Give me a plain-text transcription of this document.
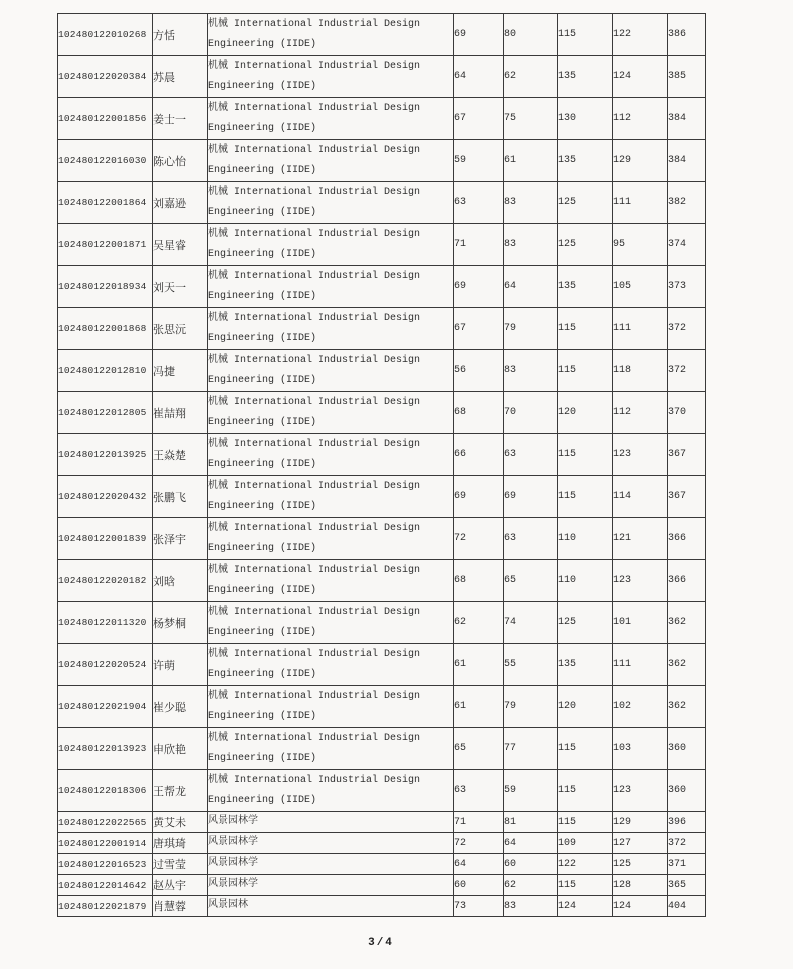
102480122010268	方恬	机械 International Industrial Design Engineering (IIDE)	69	80	115	122	386
102480122020384	苏晨	机械 International Industrial Design Engineering (IIDE)	64	62	135	124	385
102480122001856	姜士一	机械 International Industrial Design Engineering (IIDE)	67	75	130	112	384
102480122016030	陈心怡	机械 International Industrial Design Engineering (IIDE)	59	61	135	129	384
102480122001864	刘嘉逊	机械 International Industrial Design Engineering (IIDE)	63	83	125	111	382
102480122001871	吴星睿	机械 International Industrial Design Engineering (IIDE)	71	83	125	95	374
102480122018934	刘天一	机械 International Industrial Design Engineering (IIDE)	69	64	135	105	373
102480122001868	张思沅	机械 International Industrial Design Engineering (IIDE)	67	79	115	111	372
102480122012810	冯捷	机械 International Industrial Design Engineering (IIDE)	56	83	115	118	372
102480122012805	崔喆翔	机械 International Industrial Design Engineering (IIDE)	68	70	120	112	370
102480122013925	王焱楚	机械 International Industrial Design Engineering (IIDE)	66	63	115	123	367
102480122020432	张鹏飞	机械 International Industrial Design Engineering (IIDE)	69	69	115	114	367
102480122001839	张泽宇	机械 International Industrial Design Engineering (IIDE)	72	63	110	121	366
102480122020182	刘晗	机械 International Industrial Design Engineering (IIDE)	68	65	110	123	366
102480122011320	杨梦桐	机械 International Industrial Design Engineering (IIDE)	62	74	125	101	362
102480122020524	许萌	机械 International Industrial Design Engineering (IIDE)	61	55	135	111	362
102480122021904	崔少聪	机械 International Industrial Design Engineering (IIDE)	61	79	120	102	362
102480122013923	申欣艳	机械 International Industrial Design Engineering (IIDE)	65	77	115	103	360
102480122018306	王帮龙	机械 International Industrial Design Engineering (IIDE)	63	59	115	123	360
102480122022565	黄艾未	风景园林学	71	81	115	129	396
102480122001914	唐琪琦	风景园林学	72	64	109	127	372
102480122016523	过雪莹	风景园林学	64	60	122	125	371
102480122014642	赵丛宇	风景园林学	60	62	115	128	365
102480122021879	肖慧蓉	风景园林	73	83	124	124	404
3/4
